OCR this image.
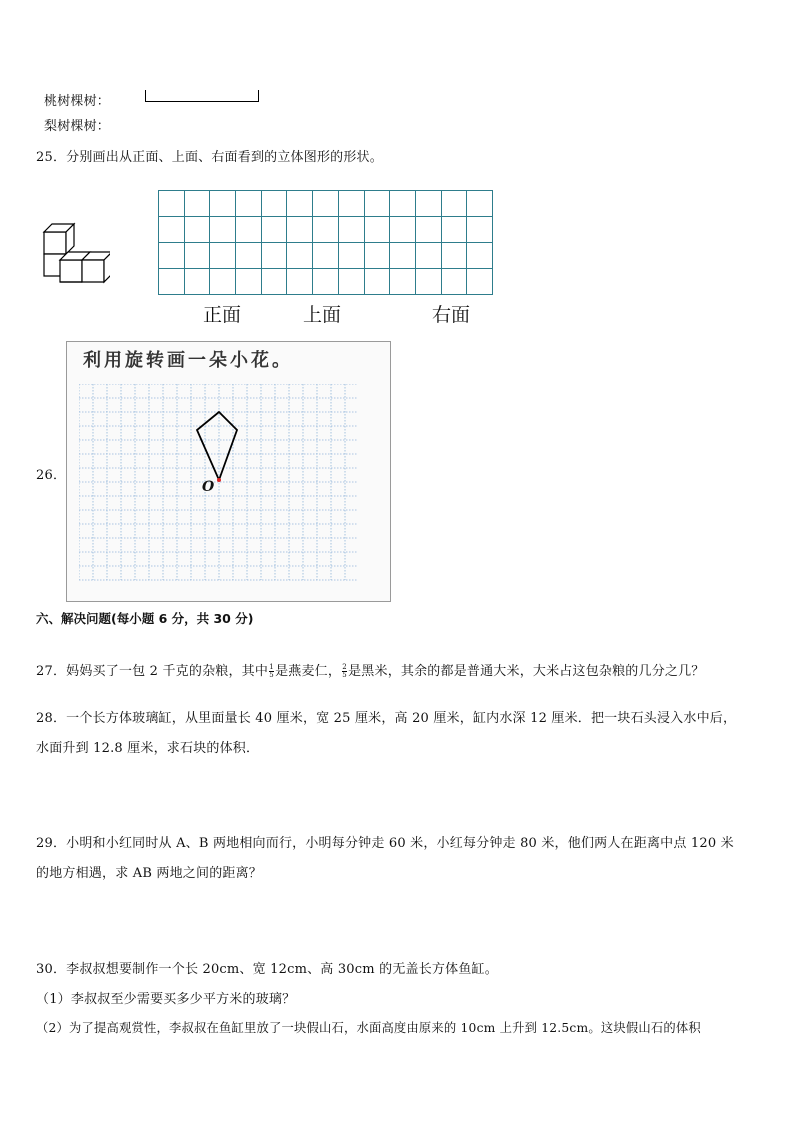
桃树棵树：
梨树棵树：
25．分别画出从正面、上面、右面看到的立体图形的形状。

正面	上面	右面
26．
利用旋转画一朵小花。
O
六、解决问题(每小题 6 分，共 30 分)
27．妈妈买了一包 2 千克的杂粮，其中 $\frac{1}{5}$ 是燕麦仁， $\frac{2}{5}$ 是黑米，其余的都是普通大米，大米占这包杂粮的几分之几？
28．一个长方体玻璃缸，从里面量长 40 厘米，宽 25 厘米，高 20 厘米，缸内水深 12 厘米．把一块石头浸入水中后，
水面升到 12.8 厘米，求石块的体积．
29．小明和小红同时从 A、B 两地相向而行，小明每分钟走 60 米，小红每分钟走 80 米，他们两人在距离中点 120 米
的地方相遇，求 AB 两地之间的距离？
30．李叔叔想要制作一个长 20cm、宽 12cm、高 30cm 的无盖长方体鱼缸。
（1）李叔叔至少需要买多少平方米的玻璃？
（2）为了提高观赏性，李叔叔在鱼缸里放了一块假山石，水面高度由原来的 10cm 上升到 12.5cm。这块假山石的体积
